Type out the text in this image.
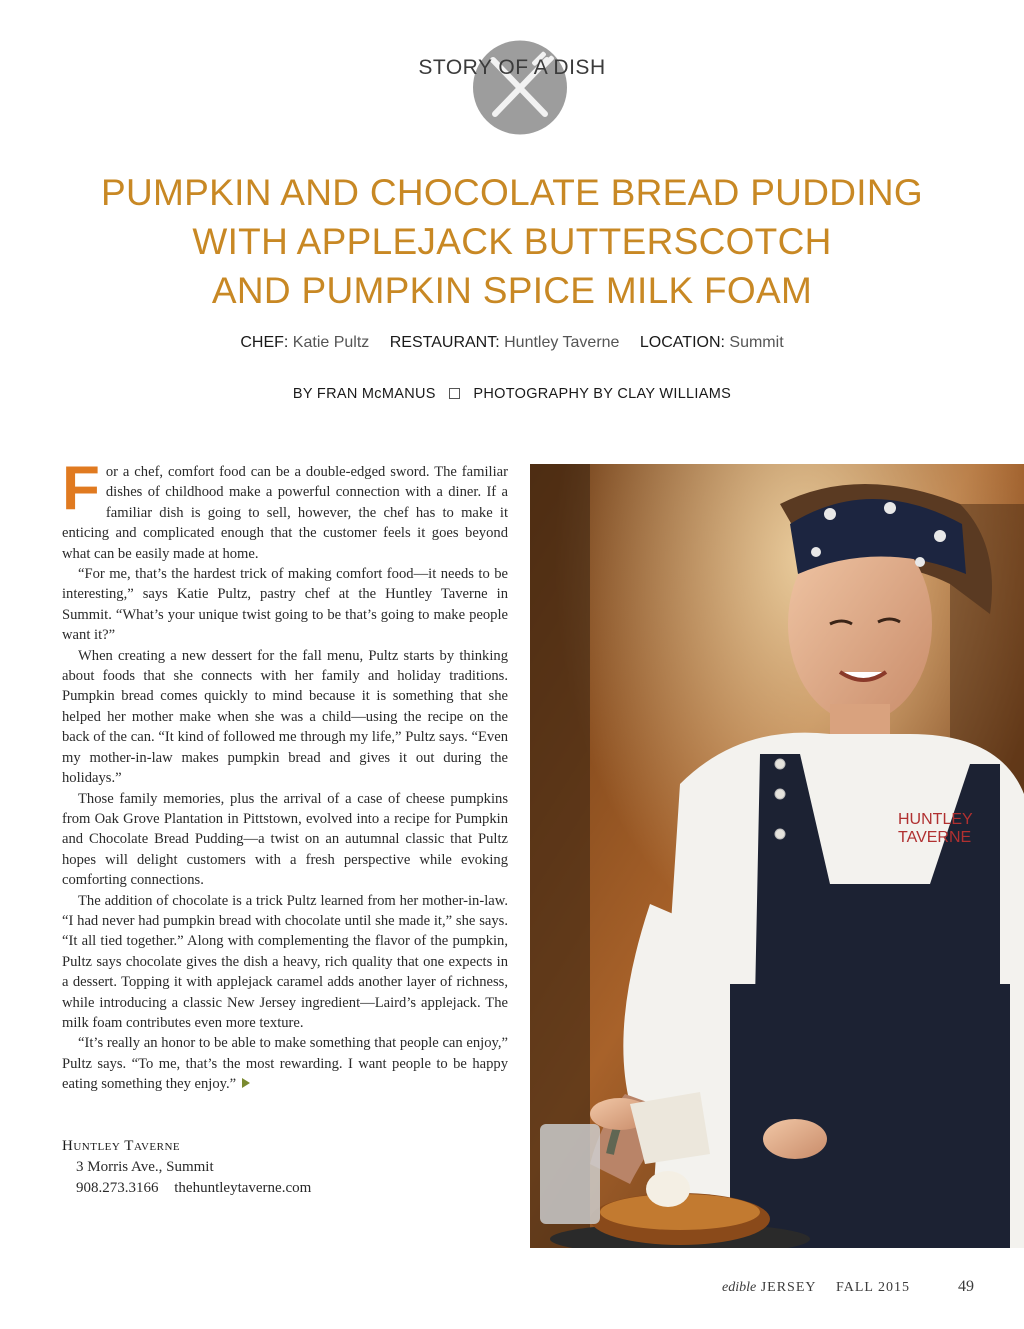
STORY OF A DISH
PUMPKIN AND CHOCOLATE BREAD PUDDING
WITH APPLEJACK BUTTERSCOTCH
AND PUMPKIN SPICE MILK FOAM
CHEF: Katie Pultz RESTAURANT: Huntley Taverne LOCATION: Summit
BY FRAN McMANUS	PHOTOGRAPHY BY CLAY WILLIAMS

For a chef, comfort food can be a double-edged sword. The familiar dishes of childhood make a powerful connection with a diner. If a familiar dish is going to sell, however, the chef has to make it enticing and complicated enough that the customer feels it goes beyond what can be easily made at home.

“For me, that’s the hardest trick of making comfort food—it needs to be interesting,” says Katie Pultz, pastry chef at the Huntley Taverne in Summit. “What’s your unique twist going to be that’s going to make people want it?”

When creating a new dessert for the fall menu, Pultz starts by thinking about foods that she connects with her family and holiday traditions. Pumpkin bread comes quickly to mind because it is something that she helped her mother make when she was a child—using the recipe on the back of the can. “It kind of followed me through my life,” Pultz says. “Even my mother-in-law makes pumpkin bread and gives it out during the holidays.”

Those family memories, plus the arrival of a case of cheese pumpkins from Oak Grove Plantation in Pittstown, evolved into a recipe for Pumpkin and Chocolate Bread Pudding—a twist on an autumnal classic that Pultz hopes will delight customers with a fresh perspective while evoking comforting connections.

The addition of chocolate is a trick Pultz learned from her mother-in-law. “I had never had pumpkin bread with chocolate until she made it,” she says. “It all tied together.” Along with complementing the flavor of the pumpkin, Pultz says chocolate gives the dish a heavy, rich quality that one expects in a dessert. Topping it with applejack caramel adds another layer of richness, while introducing a classic New Jersey ingredient—Laird’s applejack. The milk foam contributes even more texture.

“It’s really an honor to be able to make something that people can enjoy,” Pultz says. “To me, that’s the most rewarding. I want people to be happy eating something they enjoy.”

Huntley Taverne
3 Morris Ave., Summit
908.273.3166 thehuntleytaverne.com
HUNTLEY
TAVERNE
edible JERSEY FALL 2015	49
